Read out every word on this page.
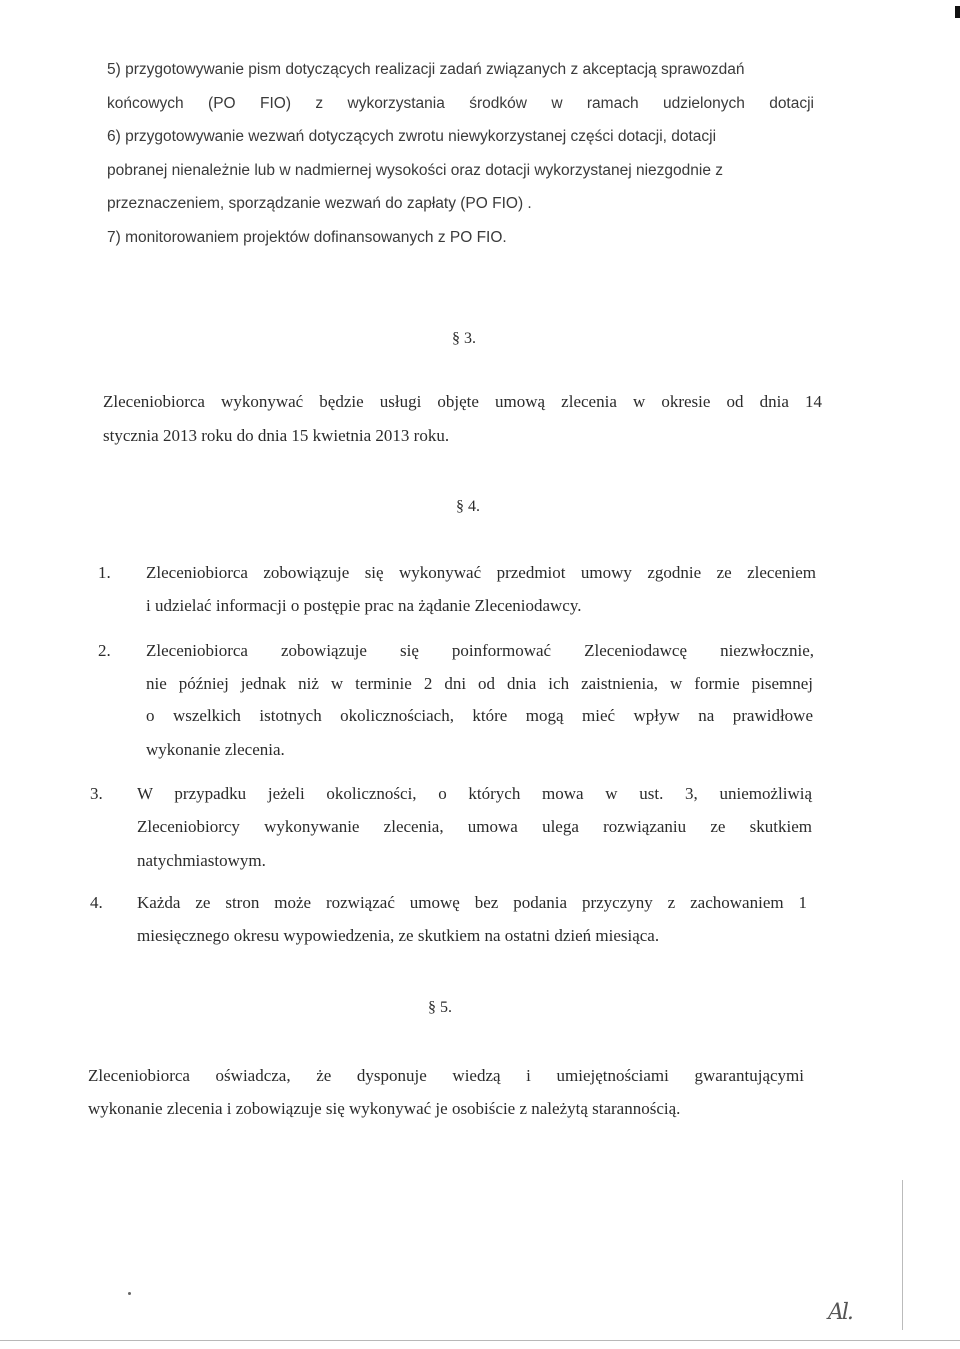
5) przygotowywanie pism dotyczących realizacji zadań związanych z akceptacją sprawozdań
końcowych (PO FIO) z wykorzystania środków w ramach udzielonych dotacji
6) przygotowywanie wezwań dotyczących zwrotu niewykorzystanej części dotacji, dotacji
pobranej nienależnie lub w nadmiernej wysokości oraz dotacji wykorzystanej niezgodnie z
przeznaczeniem, sporządzanie wezwań do zapłaty (PO FIO) .
7) monitorowaniem projektów dofinansowanych z PO FIO.
§ 3.
Zleceniobiorca wykonywać będzie usługi objęte umową zlecenia w okresie od dnia 14
stycznia 2013 roku do dnia 15 kwietnia 2013 roku.
§ 4.
1. Zleceniobiorca zobowiązuje się wykonywać przedmiot umowy zgodnie ze zleceniem
i udzielać informacji o postępie prac na żądanie Zleceniodawcy.
2. Zleceniobiorca zobowiązuje się poinformować Zleceniodawcę niezwłocznie,
nie później jednak niż w terminie 2 dni od dnia ich zaistnienia, w formie pisemnej
o wszelkich istotnych okolicznościach, które mogą mieć wpływ na prawidłowe
wykonanie zlecenia.
3. W przypadku jeżeli okoliczności, o których mowa w ust. 3, uniemożliwią
Zleceniobiorcy wykonywanie zlecenia, umowa ulega rozwiązaniu ze skutkiem
natychmiastowym.
4. Każda ze stron może rozwiązać umowę bez podania przyczyny z zachowaniem 1
miesięcznego okresu wypowiedzenia, ze skutkiem na ostatni dzień miesiąca.
§ 5.
Zleceniobiorca oświadcza, że dysponuje wiedzą i umiejętnościami gwarantującymi
wykonanie zlecenia i zobowiązuje się wykonywać je osobiście z należytą starannością.
Al.
